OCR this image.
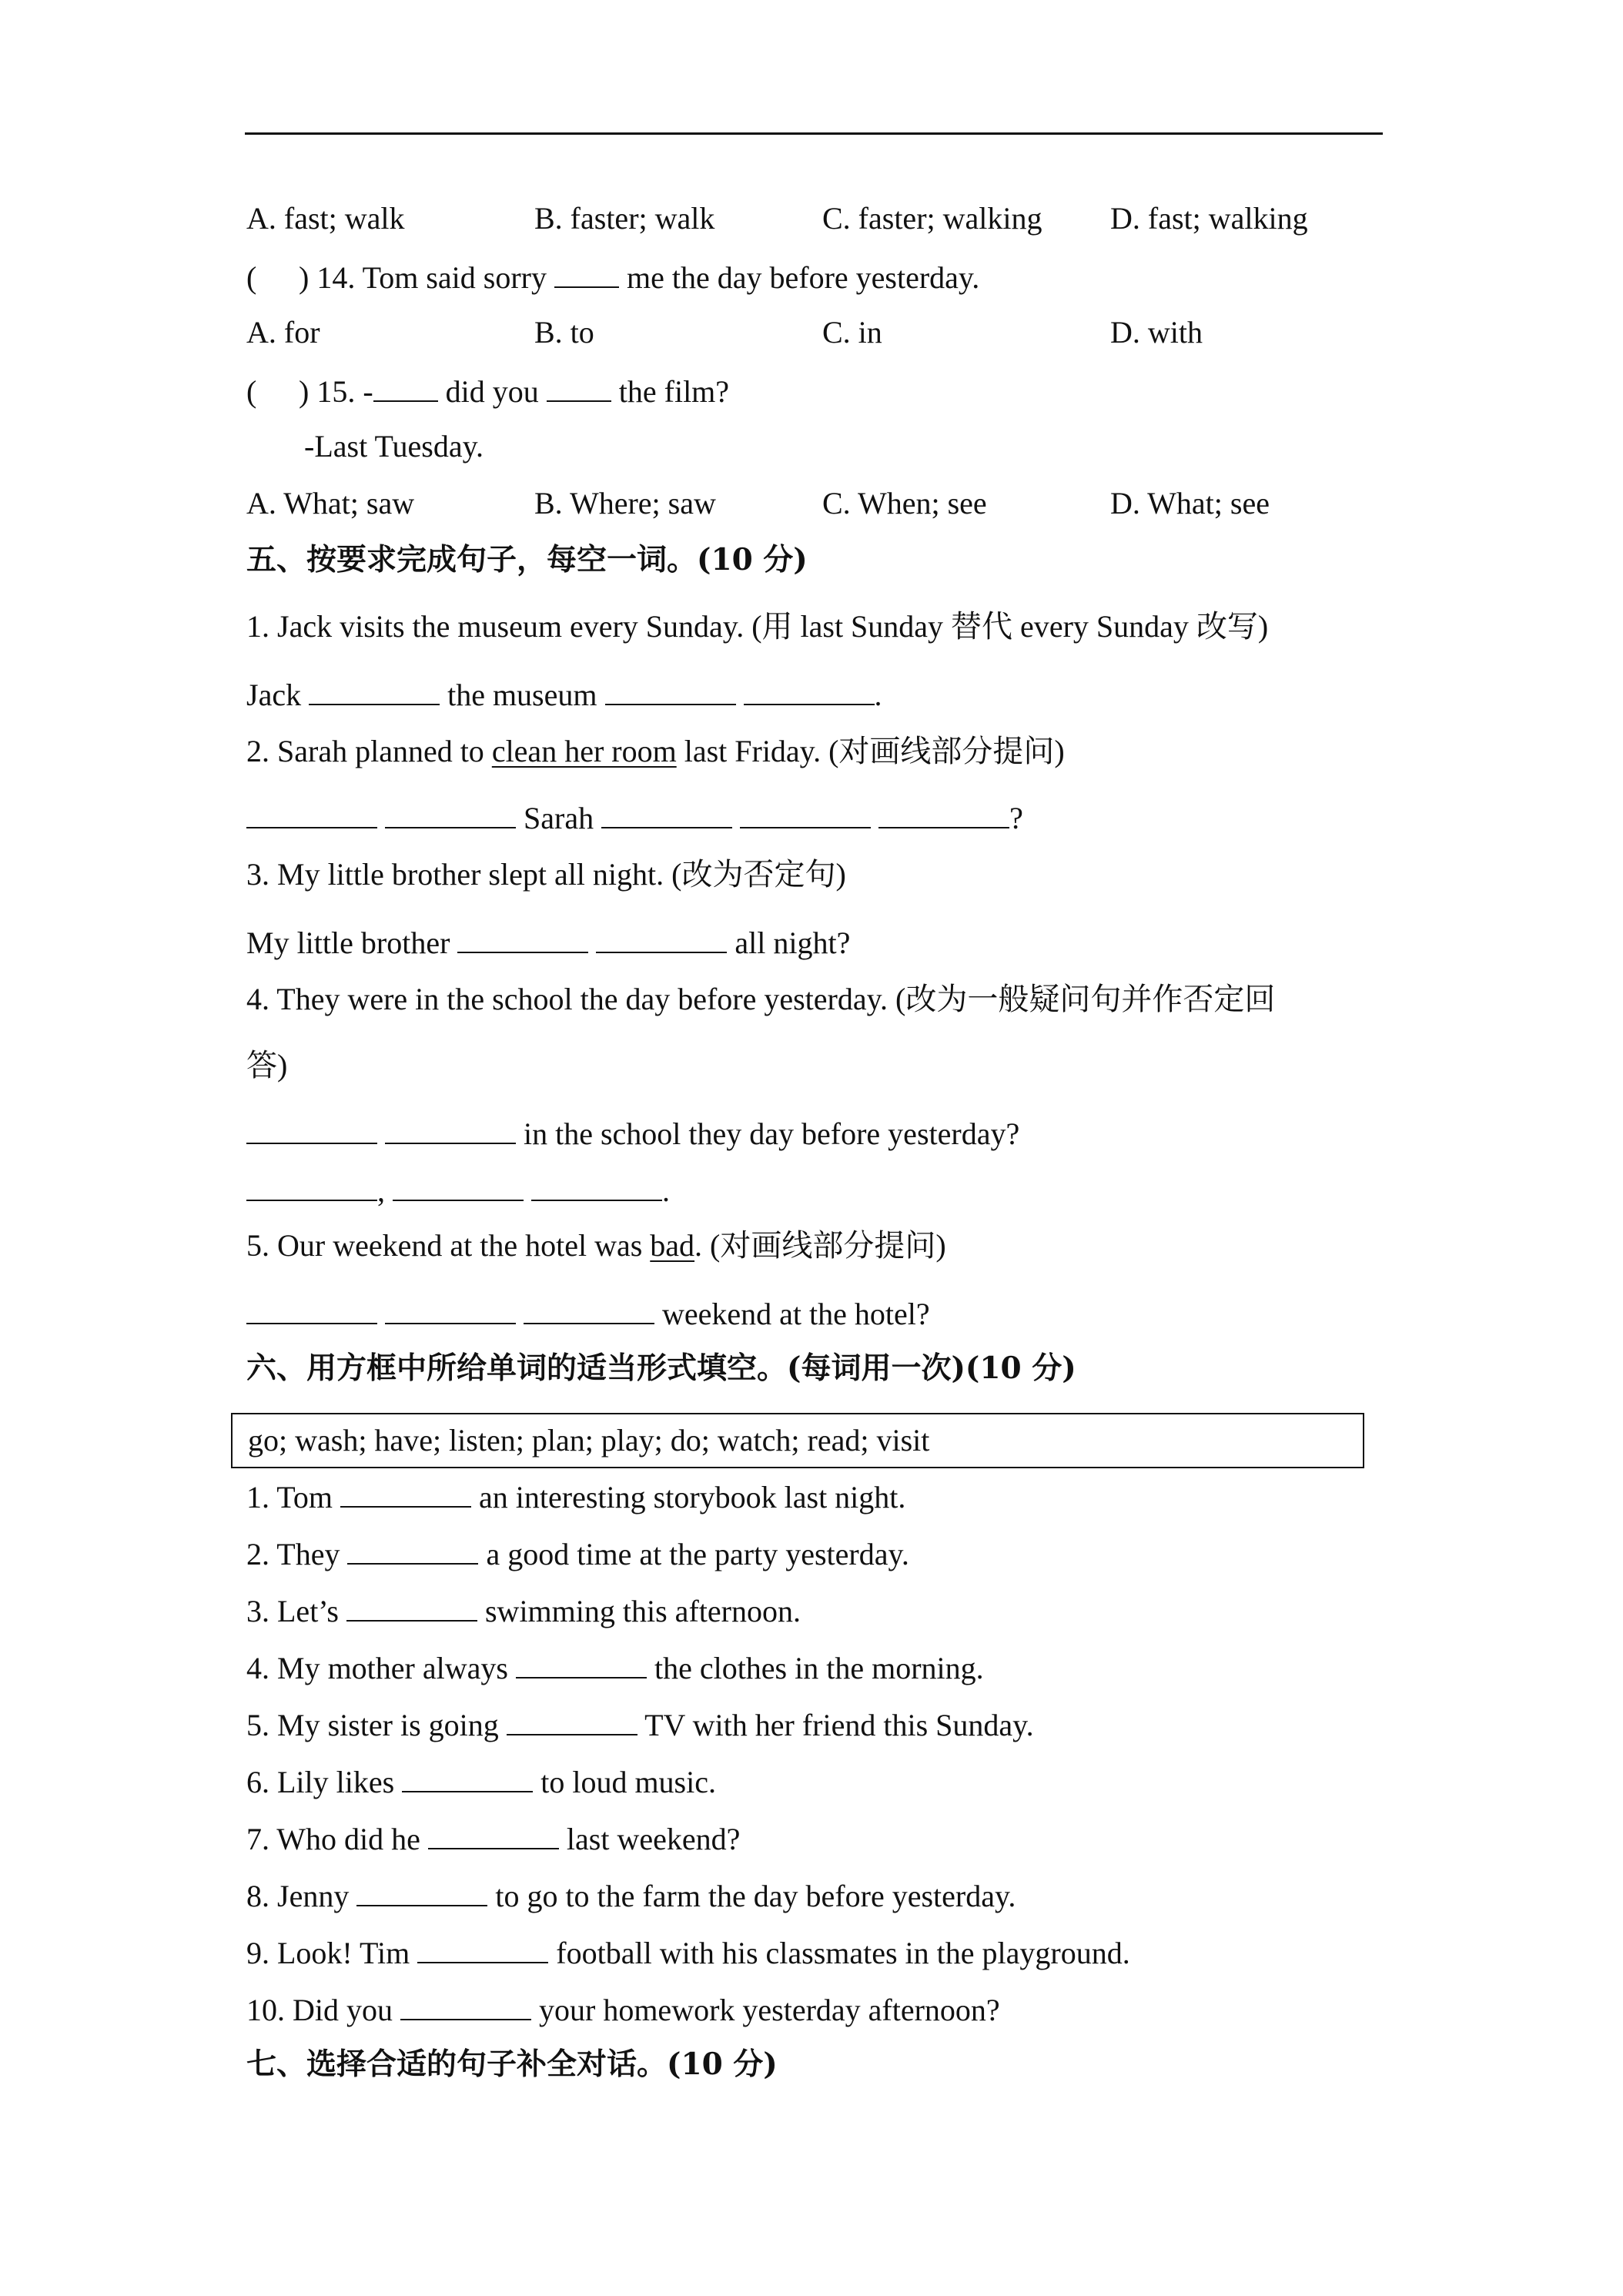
A. fast; walk	B. faster; walk	C. faster; walking D. fast; walking
( ) 14. Tom said sorry  me the day before yesterday.
A. for	B. to	C. in	D. with
( ) 15. - did you  the film?
-Last Tuesday.
A. What; saw	B. Where; saw	C. When; see	D. What; see
五、按要求完成句子，每空一词。(10 分)
1. Jack visits the museum every Sunday. (用 last Sunday 替代 every Sunday 改写)
Jack	the museum	.
2. Sarah planned to clean her room last Friday. (对画线部分提问)
Sarah	?
3. My little brother slept all night. (改为否定句)
My little brother	all night?
4. They were in the school the day before yesterday. (改为一般疑问句并作否定回
答)
in the school they day before yesterday?
,	.
5. Our weekend at the hotel was bad. (对画线部分提问)
weekend at the hotel?
六、用方框中所给单词的适当形式填空。(每词用一次)(10 分)
go; wash; have; listen; plan; play; do; watch; read; visit
1. Tom	an interesting storybook last night.
2. They	a good time at the party yesterday.
3. Let’s	swimming this afternoon.
4. My mother always	the clothes in the morning.
5. My sister is going	TV with her friend this Sunday.
6. Lily likes	to loud music.
7. Who did he	last weekend?
8. Jenny	to go to the farm the day before yesterday.
9. Look! Tim	football with his classmates in the playground.
10. Did you	your homework yesterday afternoon?
七、选择合适的句子补全对话。(10 分)
